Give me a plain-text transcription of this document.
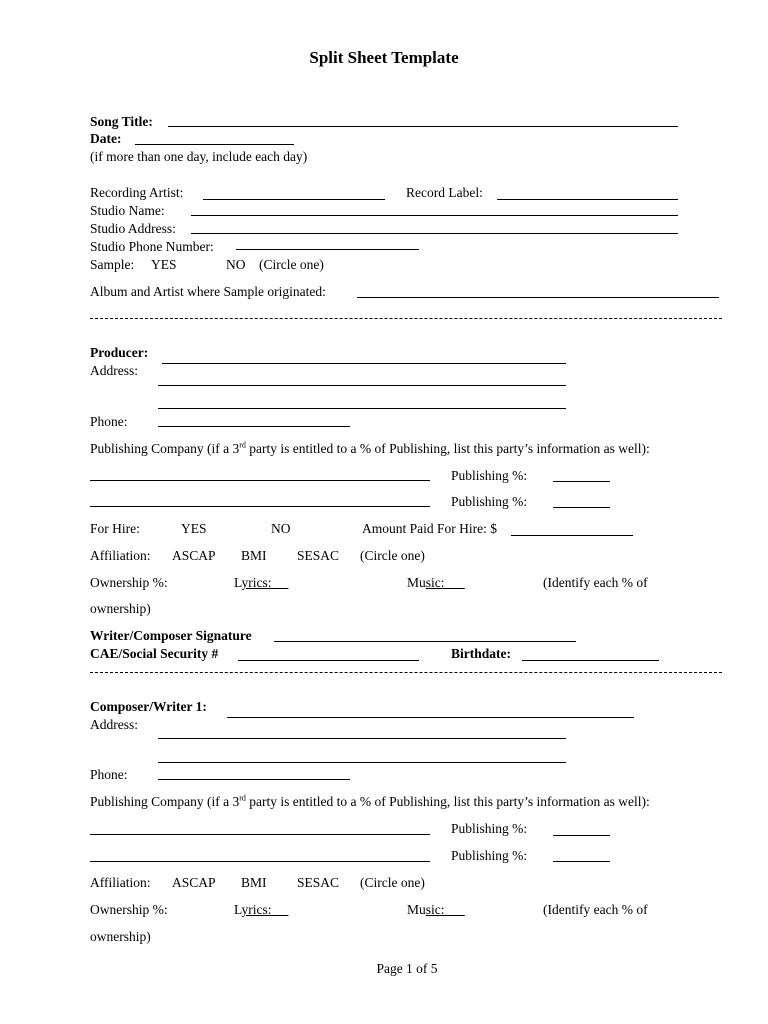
Split Sheet Template
Song Title:
Date:
(if more than one day, include each day)
Recording Artist:	Record Label:
Studio Name:
Studio Address:
Studio Phone Number:
Sample: YES	NO (Circle one)
Album and Artist where Sample originated:
Producer:
Address:
Phone:
Publishing Company (if a 3rd party is entitled to a % of Publishing, list this party’s information as well):
Publishing %:
Publishing %:
For Hire:	YES	NO	Amount Paid For Hire: $
Affiliation: ASCAP BMI SESAC (Circle one)
Ownership %:	Lyrics:	Music:	(Identify each % of
ownership)
Writer/Composer Signature
CAE/Social Security #	Birthdate:
Composer/Writer 1:
Address:
Phone:
Publishing Company (if a 3rd party is entitled to a % of Publishing, list this party’s information as well):
Publishing %:
Publishing %:
Affiliation: ASCAP BMI SESAC (Circle one)
Ownership %:	Lyrics:	Music:	(Identify each % of
ownership)
Page 1 of 5
